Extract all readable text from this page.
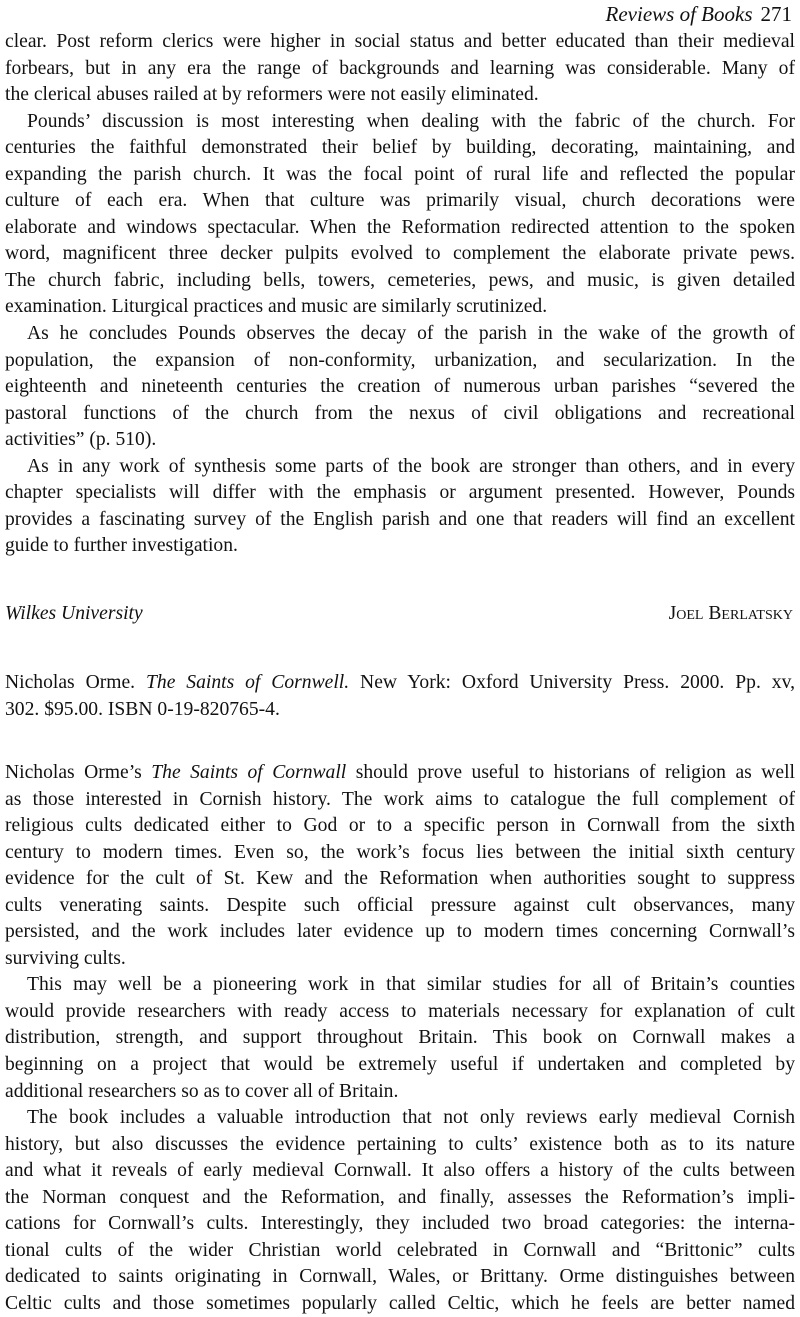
Reviews of Books 271
clear. Post reform clerics were higher in social status and better educated than their medieval
forbears, but in any era the range of backgrounds and learning was considerable. Many of
the clerical abuses railed at by reformers were not easily eliminated.
Pounds’ discussion is most interesting when dealing with the fabric of the church. For
centuries the faithful demonstrated their belief by building, decorating, maintaining, and
expanding the parish church. It was the focal point of rural life and reflected the popular
culture of each era. When that culture was primarily visual, church decorations were
elaborate and windows spectacular. When the Reformation redirected attention to the spoken
word, magnificent three decker pulpits evolved to complement the elaborate private pews.
The church fabric, including bells, towers, cemeteries, pews, and music, is given detailed
examination. Liturgical practices and music are similarly scrutinized.
As he concludes Pounds observes the decay of the parish in the wake of the growth of
population, the expansion of non-conformity, urbanization, and secularization. In the
eighteenth and nineteenth centuries the creation of numerous urban parishes “severed the
pastoral functions of the church from the nexus of civil obligations and recreational
activities” (p. 510).
As in any work of synthesis some parts of the book are stronger than others, and in every
chapter specialists will differ with the emphasis or argument presented. However, Pounds
provides a fascinating survey of the English parish and one that readers will find an excellent
guide to further investigation.
Wilkes University	Joel Berlatsky
Nicholas Orme. The Saints of Cornwell. New York: Oxford University Press. 2000. Pp. xv,
302. $95.00. ISBN 0-19-820765-4.
Nicholas Orme’s The Saints of Cornwall should prove useful to historians of religion as well
as those interested in Cornish history. The work aims to catalogue the full complement of
religious cults dedicated either to God or to a specific person in Cornwall from the sixth
century to modern times. Even so, the work’s focus lies between the initial sixth century
evidence for the cult of St. Kew and the Reformation when authorities sought to suppress
cults venerating saints. Despite such official pressure against cult observances, many
persisted, and the work includes later evidence up to modern times concerning Cornwall’s
surviving cults.
This may well be a pioneering work in that similar studies for all of Britain’s counties
would provide researchers with ready access to materials necessary for explanation of cult
distribution, strength, and support throughout Britain. This book on Cornwall makes a
beginning on a project that would be extremely useful if undertaken and completed by
additional researchers so as to cover all of Britain.
The book includes a valuable introduction that not only reviews early medieval Cornish
history, but also discusses the evidence pertaining to cults’ existence both as to its nature
and what it reveals of early medieval Cornwall. It also offers a history of the cults between
the Norman conquest and the Reformation, and finally, assesses the Reformation’s impli-
cations for Cornwall’s cults. Interestingly, they included two broad categories: the interna-
tional cults of the wider Christian world celebrated in Cornwall and “Brittonic” cults
dedicated to saints originating in Cornwall, Wales, or Brittany. Orme distinguishes between
Celtic cults and those sometimes popularly called Celtic, which he feels are better named
